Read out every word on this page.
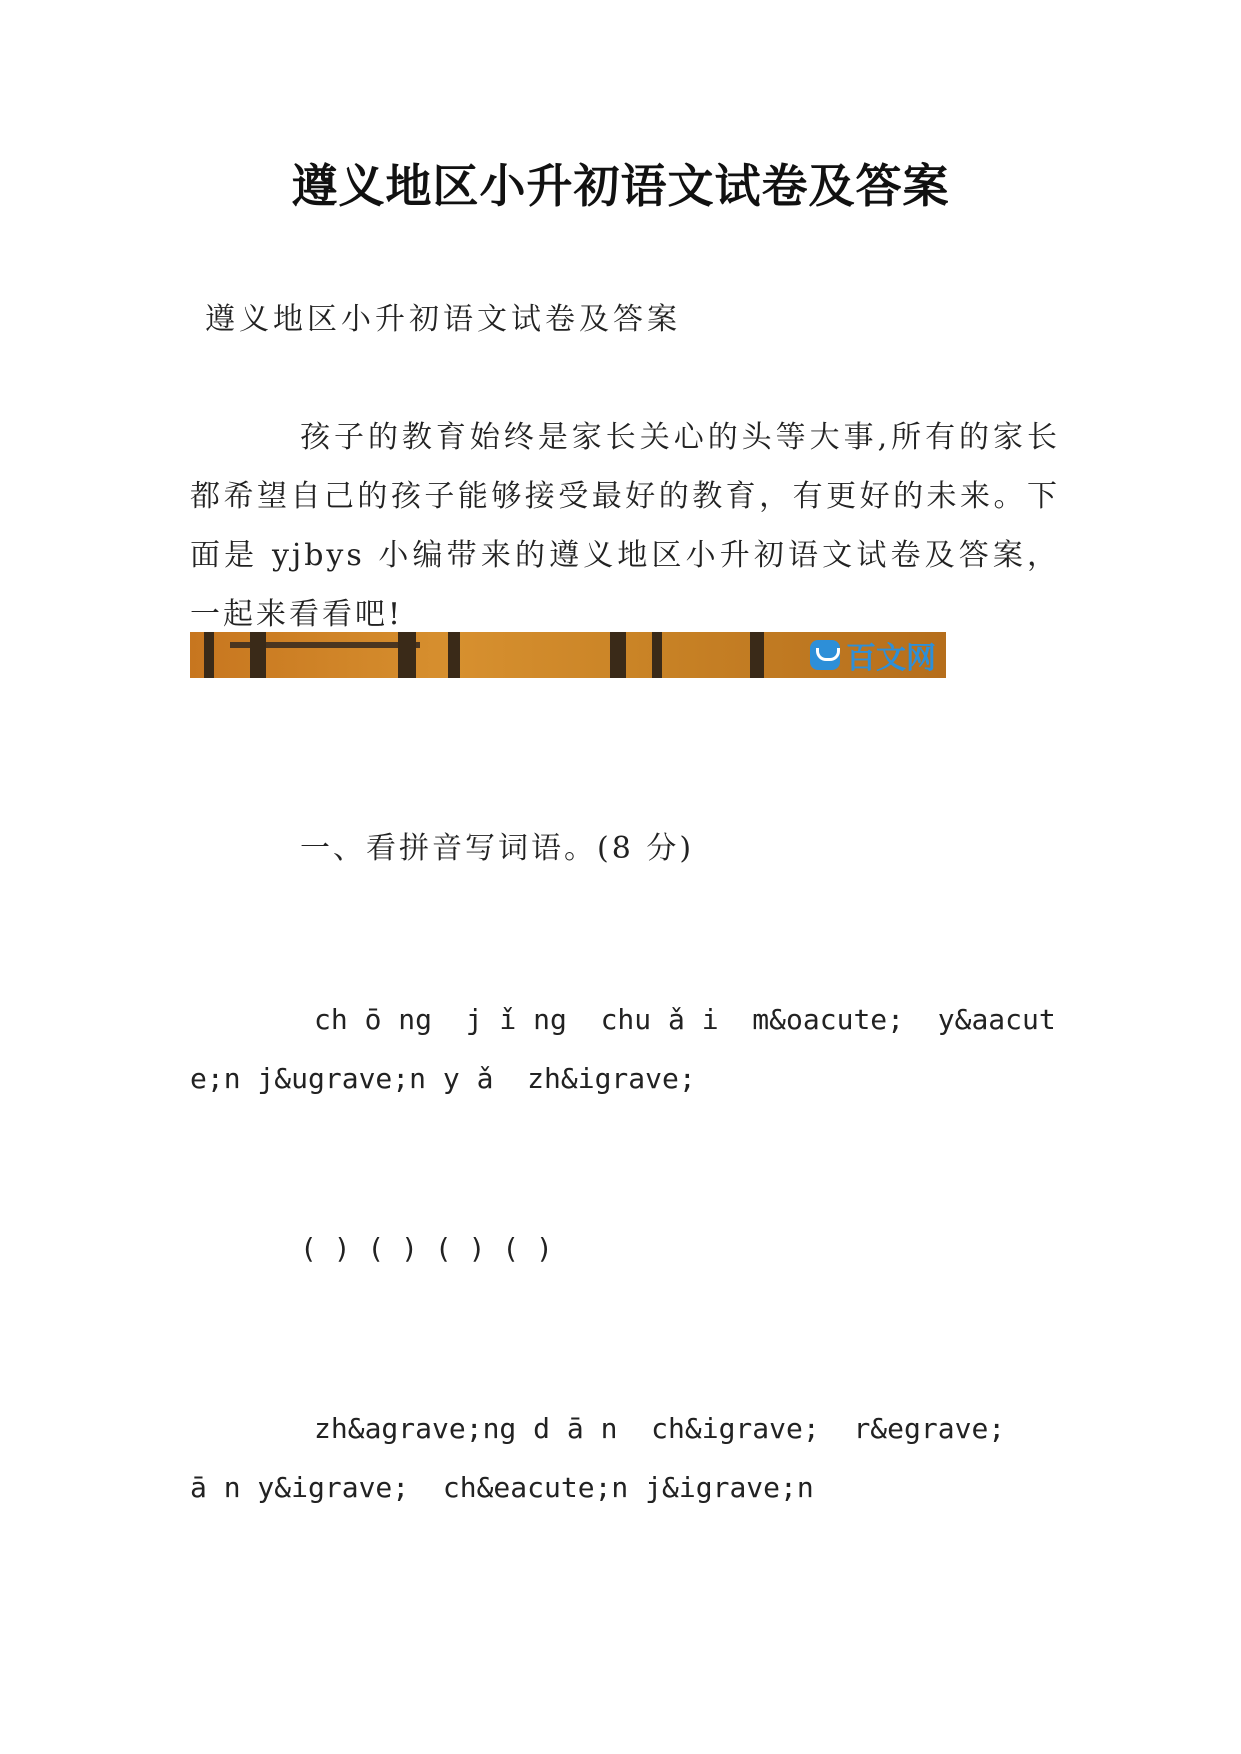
遵义地区小升初语文试卷及答案
遵义地区小升初语文试卷及答案
孩子的教育始终是家长关心的头等大事,所有的家长都希望自己的孩子能够接受最好的教育，有更好的未来。下面是 yjbys 小编带来的遵义地区小升初语文试卷及答案，一起来看看吧!
百文网
一、看拼音写词语。(8 分)
ch ō ng  j ǐ ng  chu ǎ i  m&oacute;  y&aacute;n j&ugrave;n y ǎ  zh&igrave;
( ) ( ) ( ) ( )
zh&agrave;ng d ā n  ch&igrave;  r&egrave;   ā n y&igrave;  ch&eacute;n j&igrave;n
